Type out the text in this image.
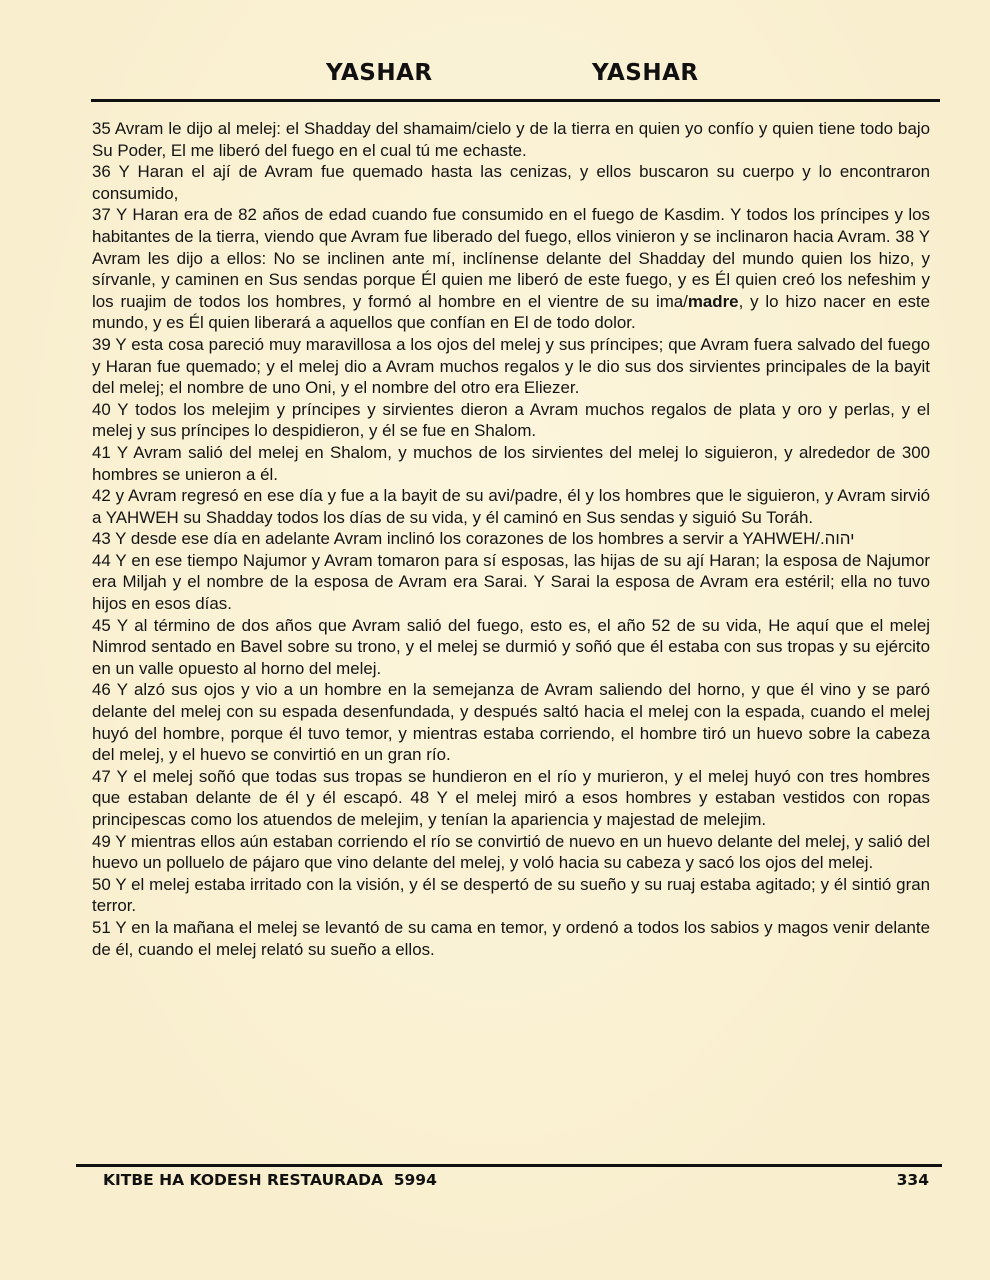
YASHAR	YASHAR

35 Avram le dijo al melej: el Shadday del shamaim/cielo y de la tierra en quien yo confío y quien tiene todo bajo Su Poder, El me liberó del fuego en el cual tú me echaste.

36 Y Haran el ají de Avram fue quemado hasta las cenizas, y ellos buscaron su cuerpo y lo encontraron consumido,

37 Y Haran era de 82 años de edad cuando fue consumido en el fuego de Kasdim. Y todos los príncipes y los habitantes de la tierra, viendo que Avram fue liberado del fuego, ellos vinieron y se inclinaron hacia Avram. 38 Y Avram les dijo a ellos: No se inclinen ante mí, inclínense delante del Shadday del mundo quien los hizo, y sírvanle, y caminen en Sus sendas porque Él quien me liberó de este fuego, y es Él quien creó los nefeshim y los ruajim de todos los hombres, y formó al hombre en el vientre de su ima/madre, y lo hizo nacer en este mundo, y es Él quien liberará a aquellos que confían en El de todo dolor.

39 Y esta cosa pareció muy maravillosa a los ojos del melej y sus príncipes; que Avram fuera salvado del fuego y Haran fue quemado; y el melej dio a Avram muchos regalos y le dio sus dos sirvientes principales de la bayit del melej; el nombre de uno Oni, y el nombre del otro era Eliezer.

40 Y todos los melejim y príncipes y sirvientes dieron a Avram muchos regalos de plata y oro y perlas, y el melej y sus príncipes lo despidieron, y él se fue en Shalom.

41 Y Avram salió del melej en Shalom, y muchos de los sirvientes del melej lo siguieron, y alrededor de 300 hombres se unieron a él.

42 y Avram regresó en ese día y fue a la bayit de su avi/padre, él y los hombres que le siguieron, y Avram sirvió a YAHWEH su Shadday todos los días de su vida, y él caminó en Sus sendas y siguió Su Toráh.

43 Y desde ese día en adelante Avram inclinó los corazones de los hombres a servir a YAHWEH/.יהוה

44 Y en ese tiempo Najumor y Avram tomaron para sí esposas, las hijas de su ají Haran; la esposa de Najumor era Miljah y el nombre de la esposa de Avram era Sarai. Y Sarai la esposa de Avram era estéril; ella no tuvo hijos en esos días.

45 Y al término de dos años que Avram salió del fuego, esto es, el año 52 de su vida, He aquí que el melej Nimrod sentado en Bavel sobre su trono, y el melej se durmió y soñó que él estaba con sus tropas y su ejército en un valle opuesto al horno del melej.

46 Y alzó sus ojos y vio a un hombre en la semejanza de Avram saliendo del horno, y que él vino y se paró delante del melej con su espada desenfundada, y después saltó hacia el melej con la espada, cuando el melej huyó del hombre, porque él tuvo temor, y mientras estaba corriendo, el hombre tiró un huevo sobre la cabeza del melej, y el huevo se convirtió en un gran río.

47 Y el melej soñó que todas sus tropas se hundieron en el río y murieron, y el melej huyó con tres hombres que estaban delante de él y él escapó. 48 Y el melej miró a esos hombres y estaban vestidos con ropas principescas como los atuendos de melejim, y tenían la apariencia y majestad de melejim.

49 Y mientras ellos aún estaban corriendo el río se convirtió de nuevo en un huevo delante del melej, y salió del huevo un polluelo de pájaro que vino delante del melej, y voló hacia su cabeza y sacó los ojos del melej.

50 Y el melej estaba irritado con la visión, y él se despertó de su sueño y su ruaj estaba agitado; y él sintió gran terror.

51 Y en la mañana el melej se levantó de su cama en temor, y ordenó a todos los sabios y magos venir delante de él, cuando el melej relató su sueño a ellos.

KITBE HA KODESH RESTAURADA  5994	334
